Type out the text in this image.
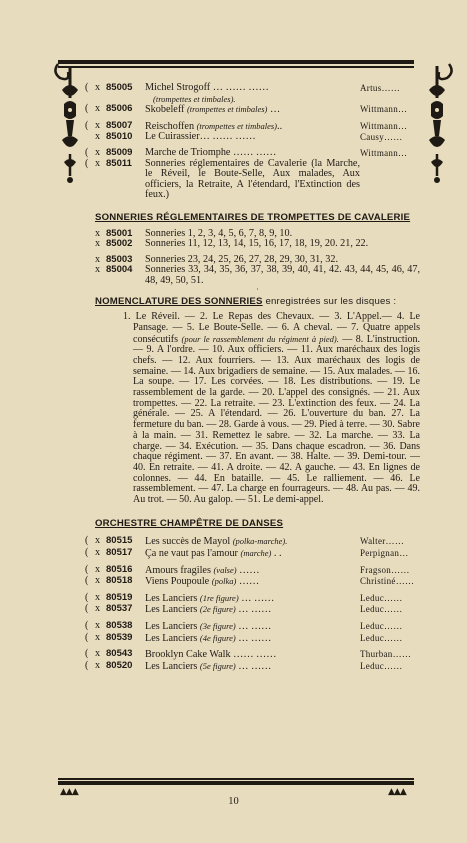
( x 85005	Michel Strogoff … …… ……	Artus……
(trompettes et timbales).
( x 85006	Skobeleff (trompettes et timbales) …	Wittmann…
( x 85007	Reischoffen (trompettes et timbales)..	Wittmann…
x 85010	Le Cuirassier… …… ……	Causy……
( x 85009	Marche de Triomphe …… ……	Wittmann…
( x 85011	Sonneries réglementaires de Cavalerie (la Marche, le Réveil, le Boute-Selle, Aux malades, Aux officiers, la Retraite, A l'étendard, l'Extinction des feux.)
SONNERIES RÉGLEMENTAIRES DE TROMPETTES DE CAVALERIE
x 85001	Sonneries 1, 2, 3, 4, 5, 6, 7, 8, 9, 10.
x 85002	Sonneries 11, 12, 13, 14, 15, 16, 17, 18, 19, 20. 21, 22.
x 85003	Sonneries 23, 24, 25, 26, 27, 28, 29, 30, 31, 32.
x 85004	Sonneries 33, 34, 35, 36, 37, 38, 39, 40, 41, 42. 43, 44, 45, 46, 47, 48, 49, 50, 51.
·
NOMENCLATURE DES SONNERIES enregistrées sur les disques :
1. Le Réveil. — 2. Le Repas des Chevaux. — 3. L'Appel.— 4. Le Pansage. — 5. Le Boute-Selle. — 6. A cheval. — 7. Quatre appels consécutifs (pour le rassemblement du régiment à pied). — 8. L'instruction. — 9. A l'ordre. — 10. Aux officiers. — 11. Aux maréchaux des logis chefs. — 12. Aux fourriers. — 13. Aux maréchaux des logis de semaine. — 14. Aux brigadiers de semaine. — 15. Aux malades. — 16. La soupe. — 17. Les corvées. — 18. Les distributions. — 19. Le rassemblement de la garde. — 20. L'appel des consignés. — 21. Aux trompettes. — 22. La retraite. — 23. L'extinction des feux. — 24. La générale. — 25. A l'étendard. — 26. L'ouverture du ban. 27. La fermeture du ban. — 28. Garde à vous. — 29. Pied à terre. — 30. Sabre à la main. — 31. Remettez le sabre. — 32. La marche. — 33. La charge. — 34. Exécution. — 35. Dans chaque escadron. — 36. Dans chaque régiment. — 37. En avant. — 38. Halte. — 39. Demi-tour. — 40. En retraite. — 41. A droite. — 42. A gauche. — 43. En lignes de colonnes. — 44. En bataille. — 45. Le ralliement. — 46. Le rassemblement. — 47. La charge en fourrageurs. — 48. Au pas. — 49. Au trot. — 50. Au galop. — 51. Le demi-appel.
ORCHESTRE CHAMPÊTRE DE DANSES
( x 80515	Les succès de Mayol (polka-marche).	Walter……
( x 80517	Ça ne vaut pas l'amour (marche) . .	Perpignan…
( x 80516	Amours fragiles (valse) ……	Fragson……
( x 80518	Viens Poupoule (polka) ……	Christiné……
( x 80519	Les Lanciers (1re figure) … ……	Leduc……
( x 80537	Les Lanciers (2e figure) … ……	Leduc……
( x 80538	Les Lanciers (3e figure) … ……	Leduc……
( x 80539	Les Lanciers (4e figure) … ……	Leduc……
( x 80543	Brooklyn Cake Walk …… ……	Thurban……
( x 80520	Les Lanciers (5e figure) … ……	Leduc……
▲▲▲	▲▲▲
10
